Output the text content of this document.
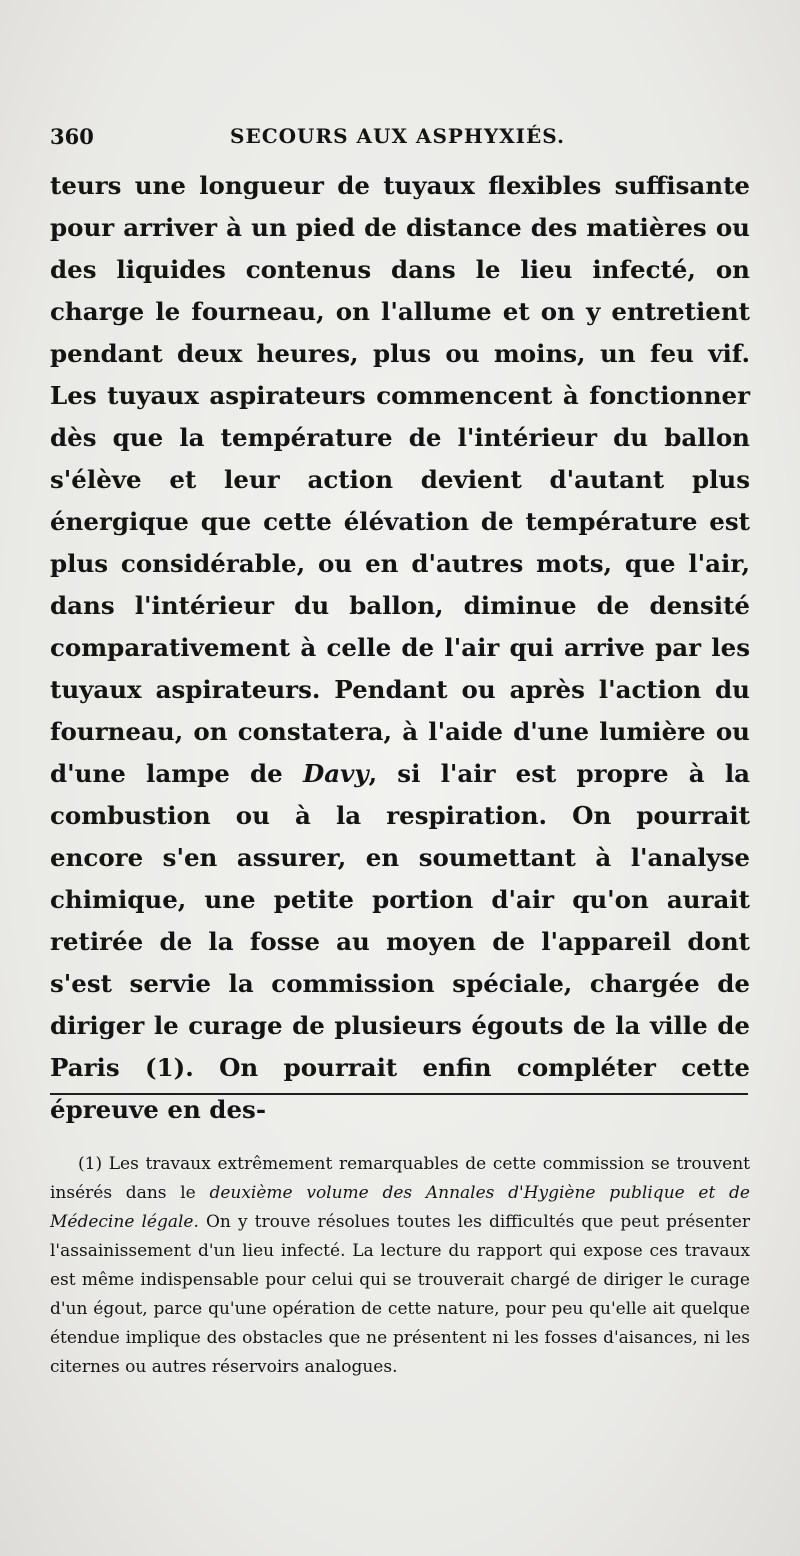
360	SECOURS AUX ASPHYXIÉS.

teurs une longueur de tuyaux flexibles suffisante pour arriver à un pied de distance des matières ou des liquides contenus dans le lieu infecté, on charge le fourneau, on l'allume et on y entretient pendant deux heures, plus ou moins, un feu vif. Les tuyaux aspirateurs commencent à fonctionner dès que la température de l'intérieur du ballon s'élève et leur action devient d'autant plus énergique que cette élévation de température est plus considérable, ou en d'autres mots, que l'air, dans l'intérieur du ballon, diminue de densité comparativement à celle de l'air qui arrive par les tuyaux aspirateurs. Pendant ou après l'action du fourneau, on constatera, à l'aide d'une lumière ou d'une lampe de Davy, si l'air est propre à la combustion ou à la respiration. On pourrait encore s'en assurer, en soumettant à l'analyse chimique, une petite portion d'air qu'on aurait retirée de la fosse au moyen de l'appareil dont s'est servie la commission spéciale, chargée de diriger le curage de plusieurs égouts de la ville de Paris (1). On pourrait enfin compléter cette épreuve en des-

(1) Les travaux extrêmement remarquables de cette commission se trouvent insérés dans le deuxième volume des Annales d'Hygiène publique et de Médecine légale. On y trouve résolues toutes les difficultés que peut présenter l'assainissement d'un lieu infecté. La lecture du rapport qui expose ces travaux est même indispensable pour celui qui se trouverait chargé de diriger le curage d'un égout, parce qu'une opération de cette nature, pour peu qu'elle ait quelque étendue implique des obstacles que ne présentent ni les fosses d'aisances, ni les citernes ou autres réservoirs analogues.
